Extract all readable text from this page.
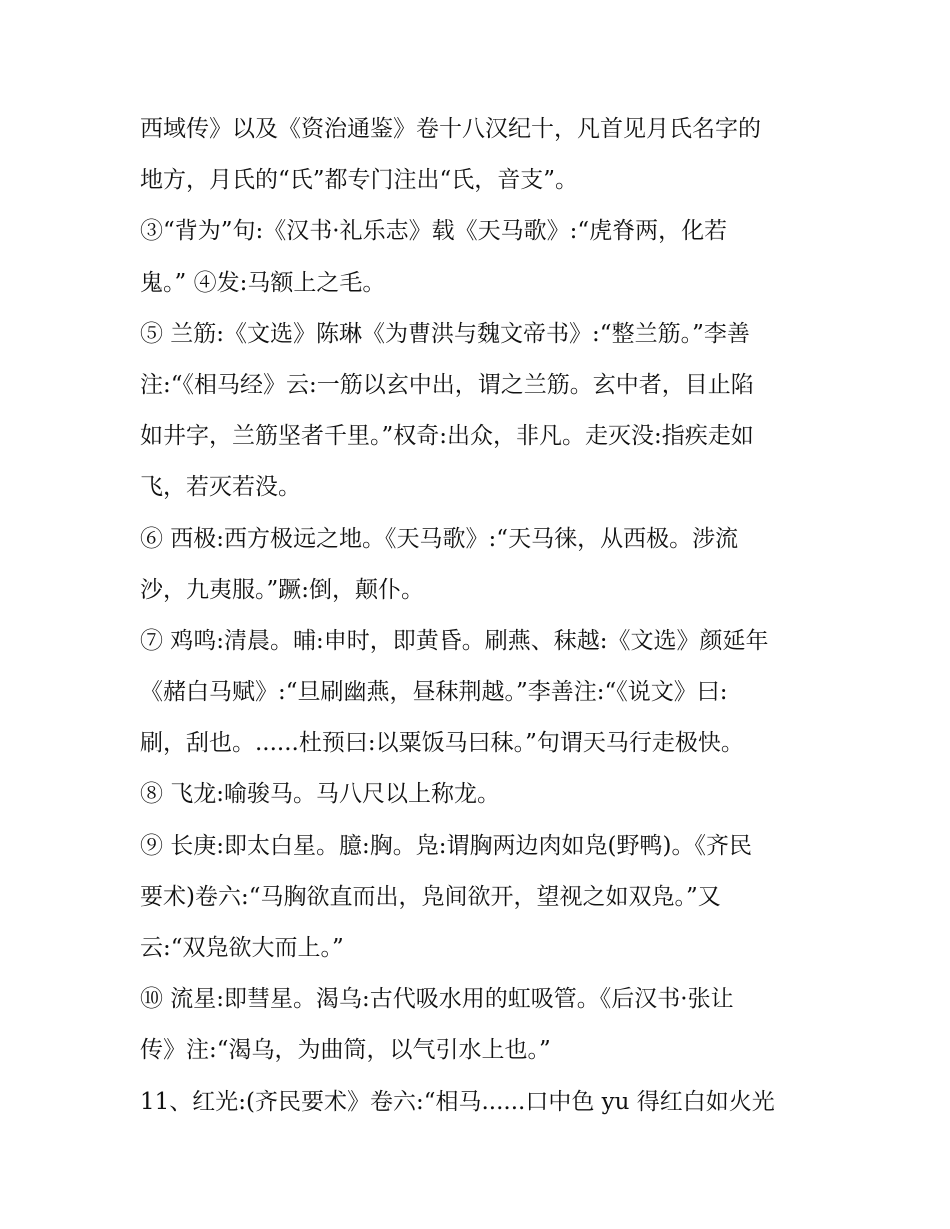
西域传》以及《资治通鉴》卷十八汉纪十，凡首见月氏名字的
地方，月氏的“氏”都专门注出“氏，音支”。
③“背为”句:《汉书·礼乐志》载《天马歌》:“虎脊两，化若
鬼。” ④发:马额上之毛。
⑤ 兰筋:《文选》陈琳《为曹洪与魏文帝书》:“整兰筋。”李善
注:“《相马经》云:一筋以玄中出，谓之兰筋。玄中者，目止陷
如井字，兰筋坚者千里。”权奇:出众，非凡。走灭没:指疾走如
飞，若灭若没。
⑥ 西极:西方极远之地。《天马歌》:“天马徕，从西极。涉流
沙，九夷服。”蹶:倒，颠仆。
⑦ 鸡鸣:清晨。晡:申时，即黄昏。刷燕、秣越:《文选》颜延年
《赭白马赋》:“旦刷幽燕，昼秣荆越。”李善注:“《说文》曰:
刷，刮也。......杜预曰:以粟饭马曰秣。”句谓天马行走极快。
⑧ 飞龙:喻骏马。马八尺以上称龙。
⑨ 长庚:即太白星。臆:胸。凫:谓胸两边肉如凫(野鸭)。《齐民
要术)卷六:“马胸欲直而出，凫间欲开，望视之如双凫。”又
云:“双凫欲大而上。”
⑩ 流星:即彗星。渴乌:古代吸水用的虹吸管。《后汉书·张让
传》注:“渴乌，为曲筒，以气引水上也。”
11、红光:(齐民要术》卷六:“相马......口中色 yu 得红白如火光
